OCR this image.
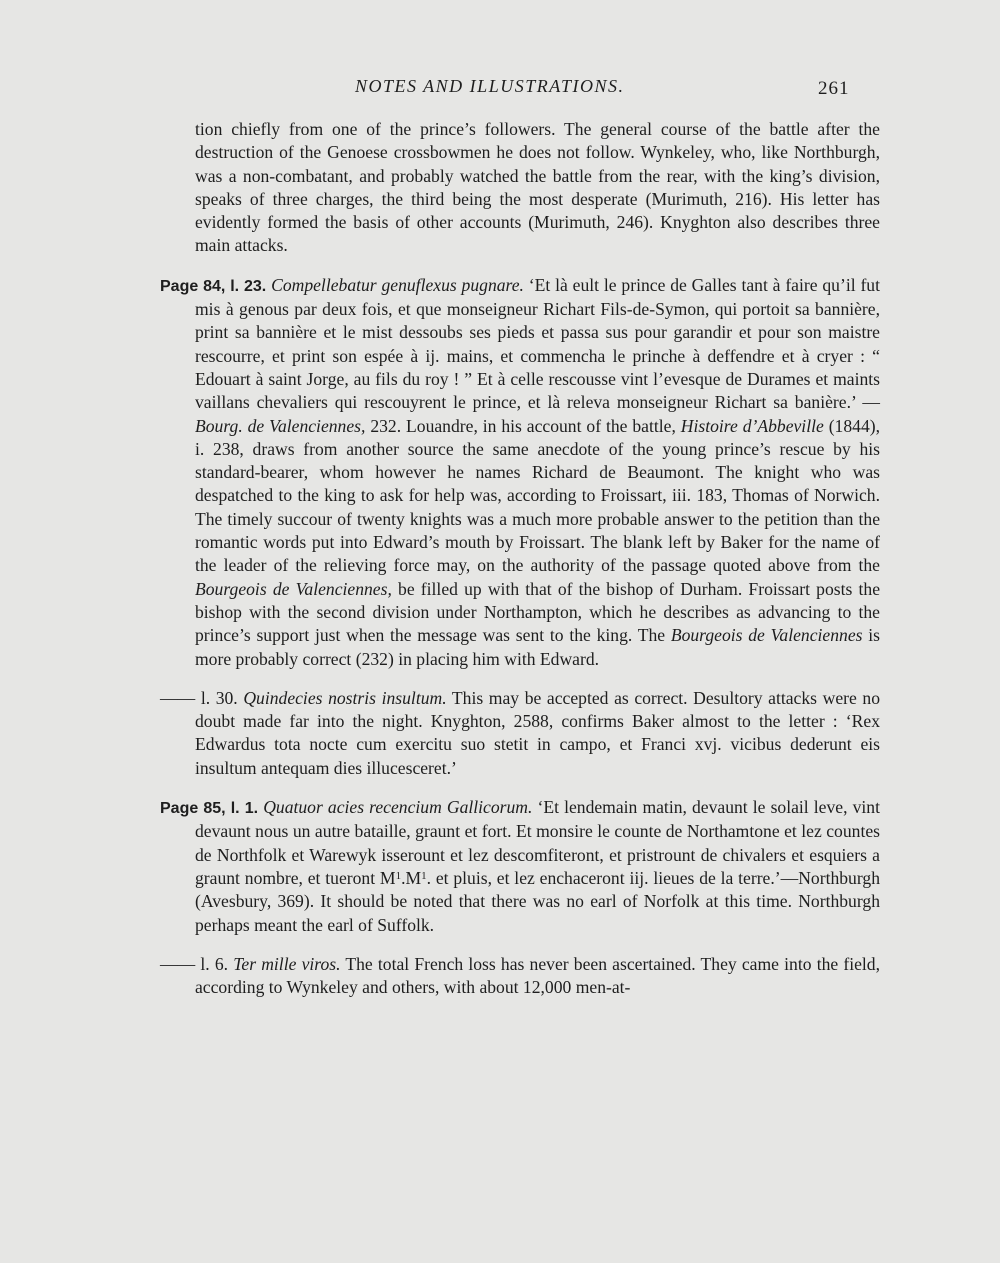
NOTES AND ILLUSTRATIONS.	261

tion chiefly from one of the prince’s followers. The general course of the battle after the destruction of the Genoese crossbowmen he does not follow. Wynkeley, who, like Northburgh, was a non-combatant, and probably watched the battle from the rear, with the king’s division, speaks of three charges, the third being the most desperate (Murimuth, 216). His letter has evidently formed the basis of other accounts (Murimuth, 246). Knyghton also describes three main attacks.

Page 84, l. 23. Compellebatur genuflexus pugnare. ‘Et là eult le prince de Galles tant à faire qu’il fut mis à genous par deux fois, et que monseigneur Richart Fils-de-Symon, qui portoit sa bannière, print sa bannière et le mist dessoubs ses pieds et passa sus pour garandir et pour son maistre rescourre, et print son espée à ij. mains, et commencha le princhе à deffendre et à cryer : “ Edouart à saint Jorge, au fils du roy ! ” Et à celle rescousse vint l’evesque de Durames et maints vaillans chevaliers qui rescouyrent le prince, et là releva monseigneur Richart sa banière.’ —Bourg. de Valenciennes, 232. Louandre, in his account of the battle, Histoire d’Abbeville (1844), i. 238, draws from another source the same anecdote of the young prince’s rescue by his standard-bearer, whom however he names Richard de Beaumont. The knight who was despatched to the king to ask for help was, according to Froissart, iii. 183, Thomas of Norwich. The timely succour of twenty knights was a much more probable answer to the petition than the romantic words put into Edward’s mouth by Froissart. The blank left by Baker for the name of the leader of the relieving force may, on the authority of the passage quoted above from the Bourgeois de Valenciennes, be filled up with that of the bishop of Durham. Froissart posts the bishop with the second division under Northampton, which he describes as advancing to the prince’s support just when the message was sent to the king. The Bourgeois de Valenciennes is more probably correct (232) in placing him with Edward.

—— l. 30. Quindecies nostris insultum. This may be accepted as correct. Desultory attacks were no doubt made far into the night. Knyghton, 2588, confirms Baker almost to the letter : ‘Rex Edwardus tota nocte cum exercitu suo stetit in campo, et Franci xvj. vicibus dederunt eis insultum antequam dies illucesceret.’

Page 85, l. 1. Quatuor acies recencium Gallicorum. ‘Et lendemain matin, devaunt le solail leve, vint devaunt nous un autre bataille, graunt et fort. Et monsire le counte de Northamtone et lez countes de Northfolk et Warewyk isserount et lez descomfiteront, et pristrount de chivalers et esquiers a graunt nombre, et tueront $M^1.M^1$. et pluis, et lez enchaceront iij. lieues de la terre.’—Northburgh (Avesbury, 369). It should be noted that there was no earl of Norfolk at this time. Northburgh perhaps meant the earl of Suffolk.

—— l. 6. Ter mille viros. The total French loss has never been ascertained. They came into the field, according to Wynkeley and others, with about 12,000 men-at-
